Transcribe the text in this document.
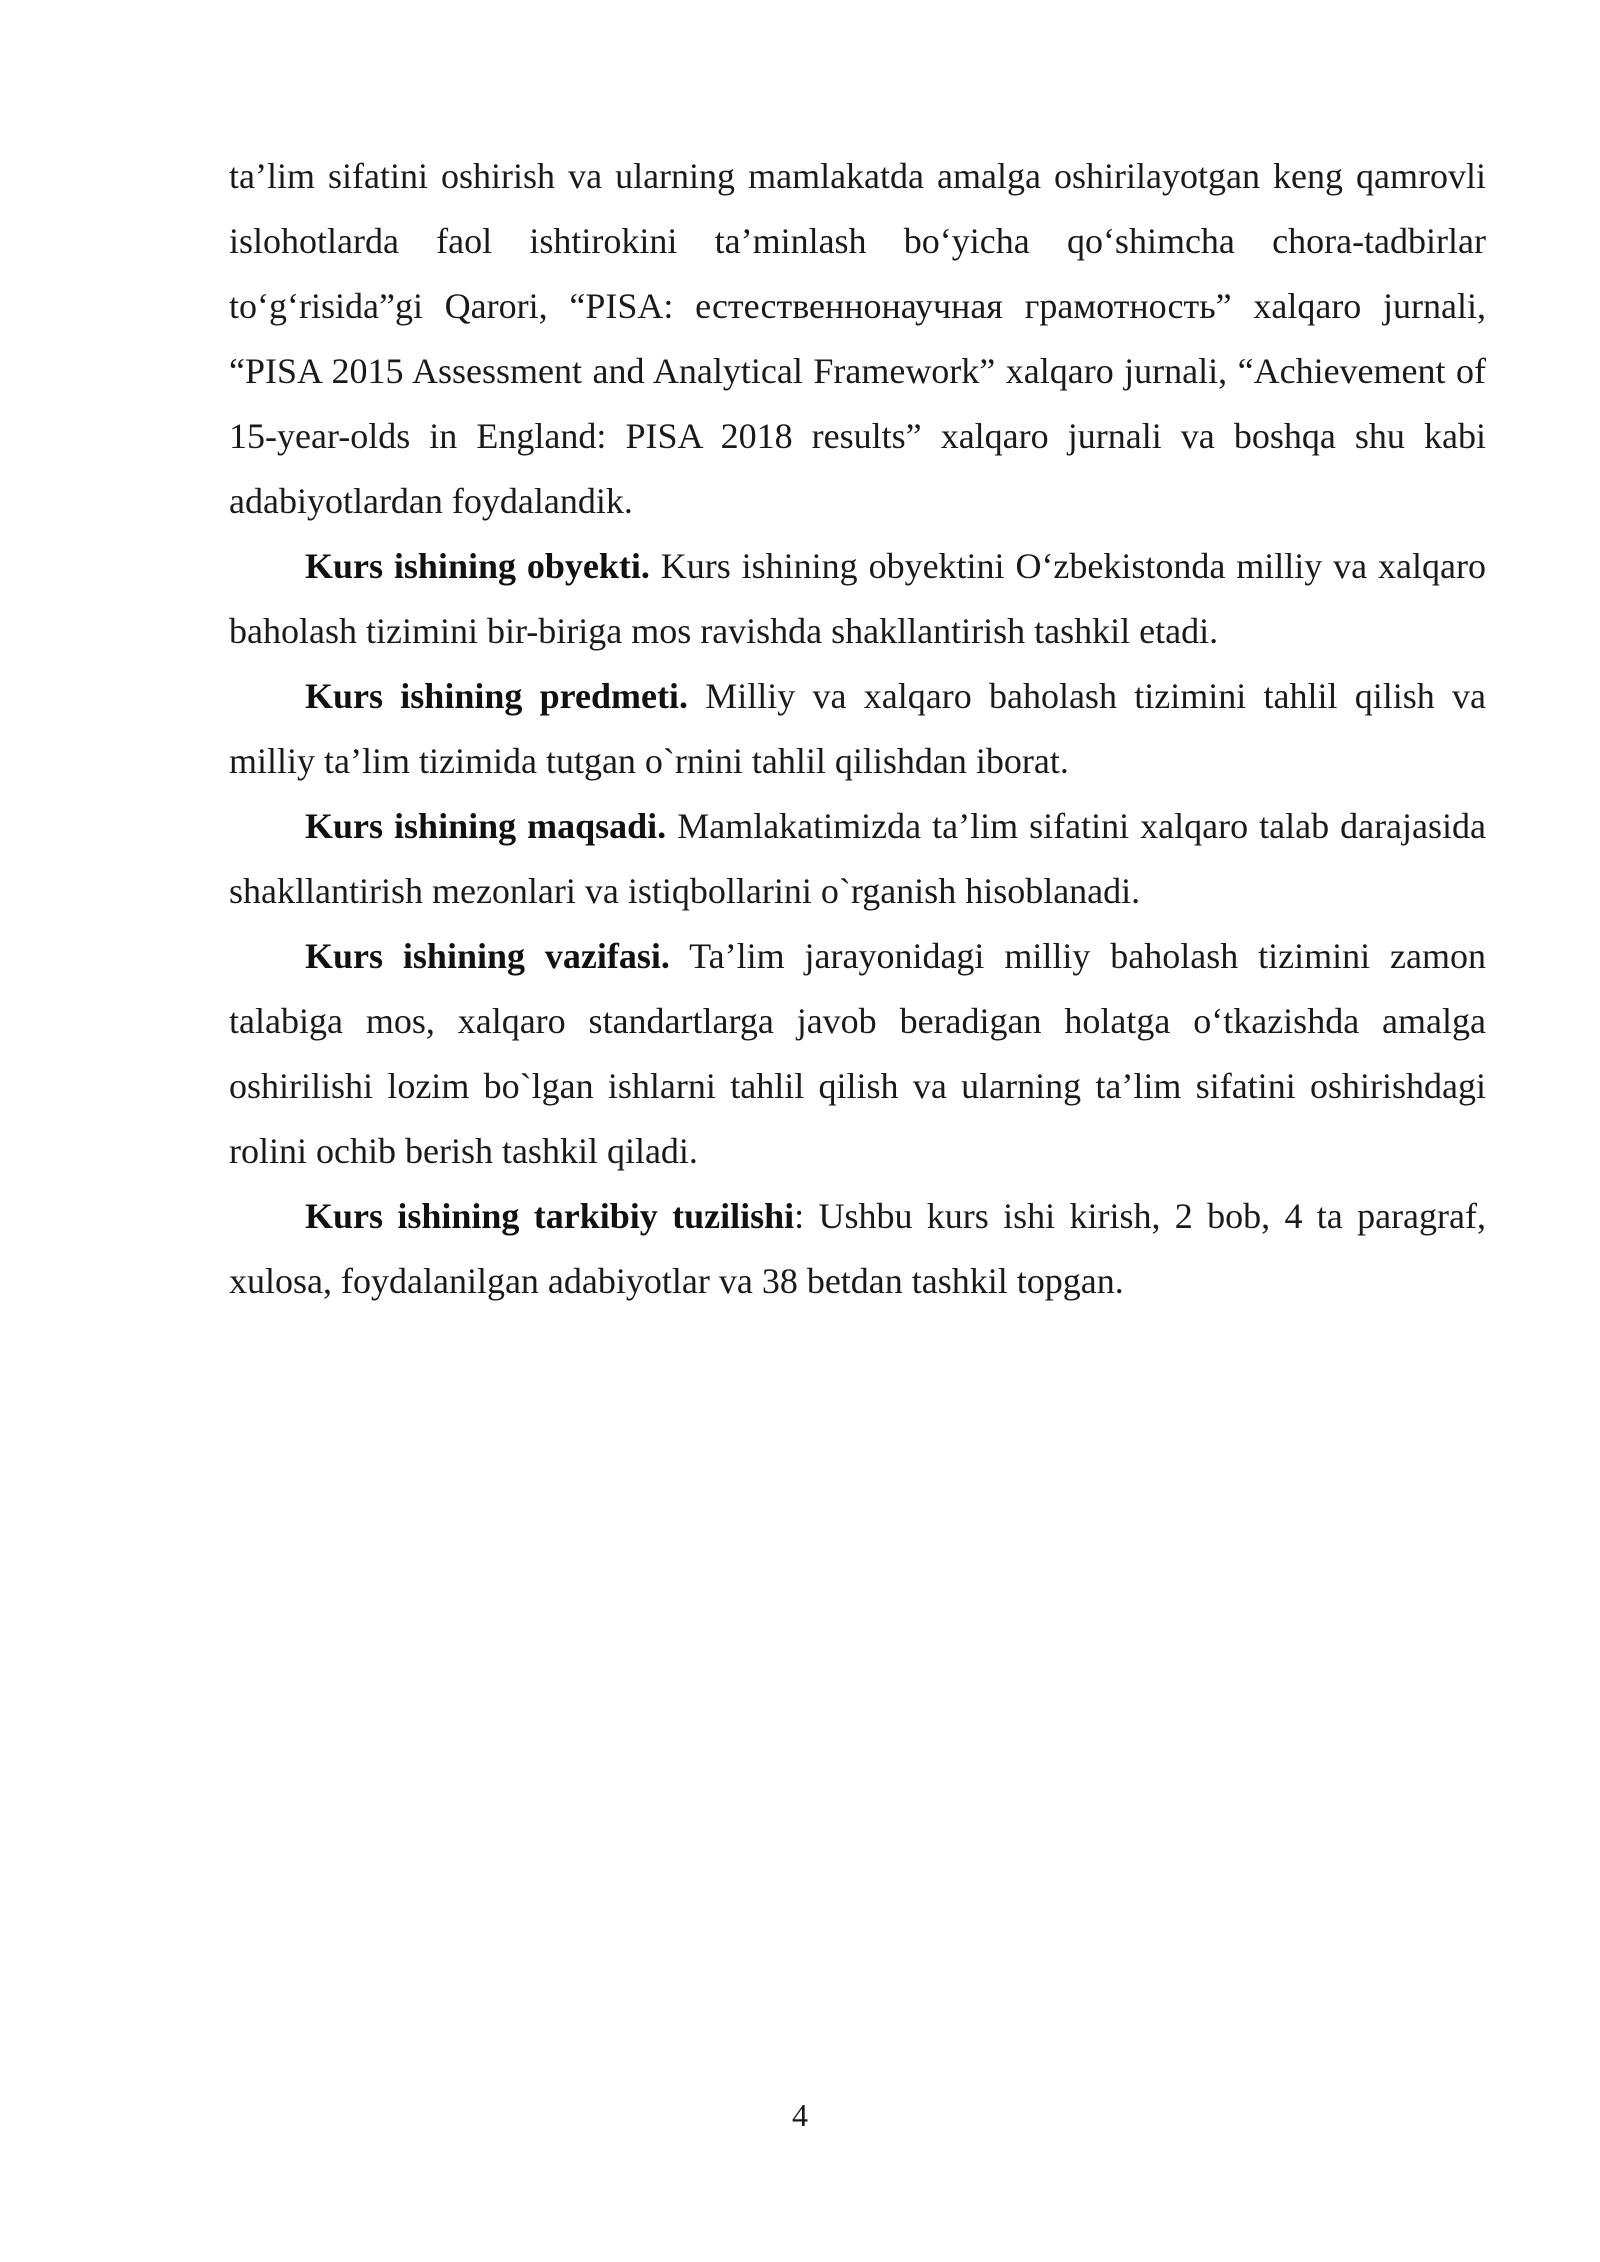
ta’lim sifatini oshirish va ularning mamlakatda amalga oshirilayotgan keng qamrovli islohotlarda faol ishtirokini ta’minlash bo‘yicha qo‘shimcha chora-tadbirlar to‘g‘risida”gi Qarori, “PISA: естественнонаучная грамотность” xalqaro jurnali, “PISA 2015 Assessment and Analytical Framework” xalqaro jurnali, “Achievement of 15-year-olds in England: PISA 2018 results” xalqaro jurnali va boshqa shu kabi adabiyotlardan foydalandik.

Kurs ishining obyekti. Kurs ishining obyektini O‘zbekistonda milliy va xalqaro baholash tizimini bir-biriga mos ravishda shakllantirish tashkil etadi.

Kurs ishining predmeti. Milliy va xalqaro baholash tizimini tahlil qilish va milliy ta’lim tizimida tutgan o`rnini tahlil qilishdan iborat.

Kurs ishining maqsadi. Mamlakatimizda ta’lim sifatini xalqaro talab darajasida shakllantirish mezonlari va istiqbollarini o`rganish hisoblanadi.

Kurs ishining vazifasi. Ta’lim jarayonidagi milliy baholash tizimini zamon talabiga mos, xalqaro standartlarga javob beradigan holatga o‘tkazishda amalga oshirilishi lozim bo`lgan ishlarni tahlil qilish va ularning ta’lim sifatini oshirishdagi rolini ochib berish tashkil qiladi.

Kurs ishining tarkibiy tuzilishi: Ushbu kurs ishi kirish, 2 bob, 4 ta paragraf, xulosa, foydalanilgan adabiyotlar va 38 betdan tashkil topgan.

4
